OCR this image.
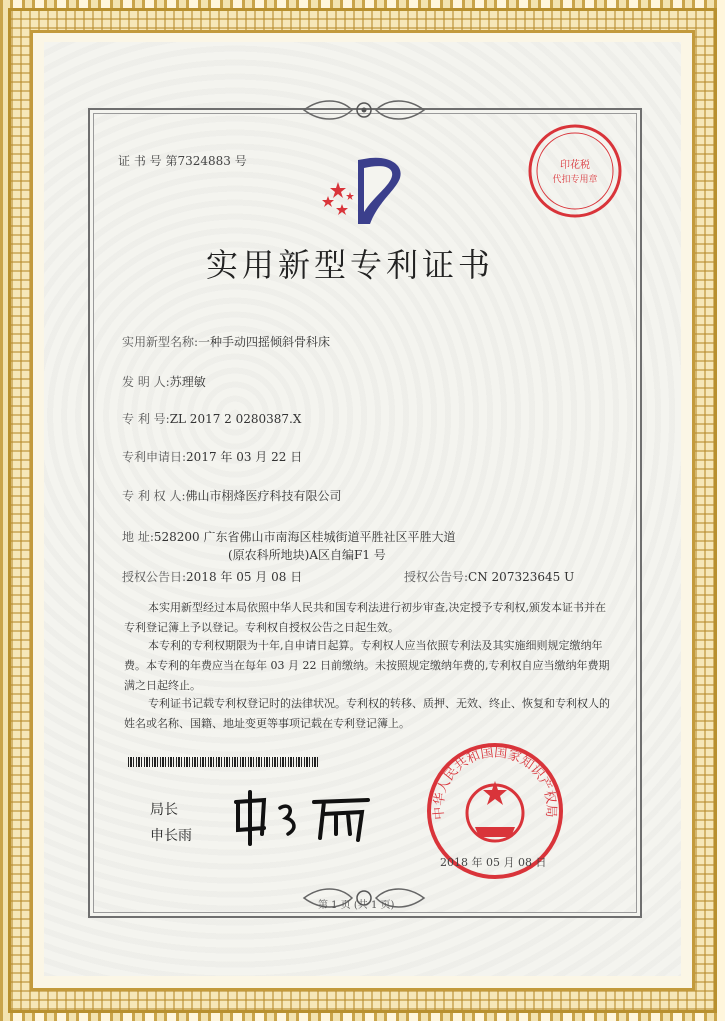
证 书 号 第7324883 号	印花税
代扣专用章
实用新型专利证书
实用新型名称:一种手动四摇倾斜骨科床
发 明 人:苏理敏
专 利 号:ZL 2017 2 0280387.X
专利申请日:2017 年 03 月 22 日
专 利 权 人:佛山市栩烽医疗科技有限公司
地 址:528200 广东省佛山市南海区桂城街道平胜社区平胜大道
(原农科所地块)A区自编F1 号
授权公告日:2018 年 05 月 08 日	授权公告号:CN 207323645 U
本实用新型经过本局依照中华人民共和国专利法进行初步审查,决定授予专利权,颁发本证书并在专利登记簿上予以登记。专利权自授权公告之日起生效。
本专利的专利权期限为十年,自申请日起算。专利权人应当依照专利法及其实施细则规定缴纳年费。本专利的年费应当在每年 03 月 22 日前缴纳。未按照规定缴纳年费的,专利权自应当缴纳年费期满之日起终止。
专利证书记载专利权登记时的法律状况。专利权的转移、质押、无效、终止、恢复和专利权人的姓名或名称、国籍、地址变更等事项记载在专利登记簿上。
局长
申长雨
中华人民共和国国家知识产权局
2018 年 05 月 08 日
第 1 页 (共 1 页)
